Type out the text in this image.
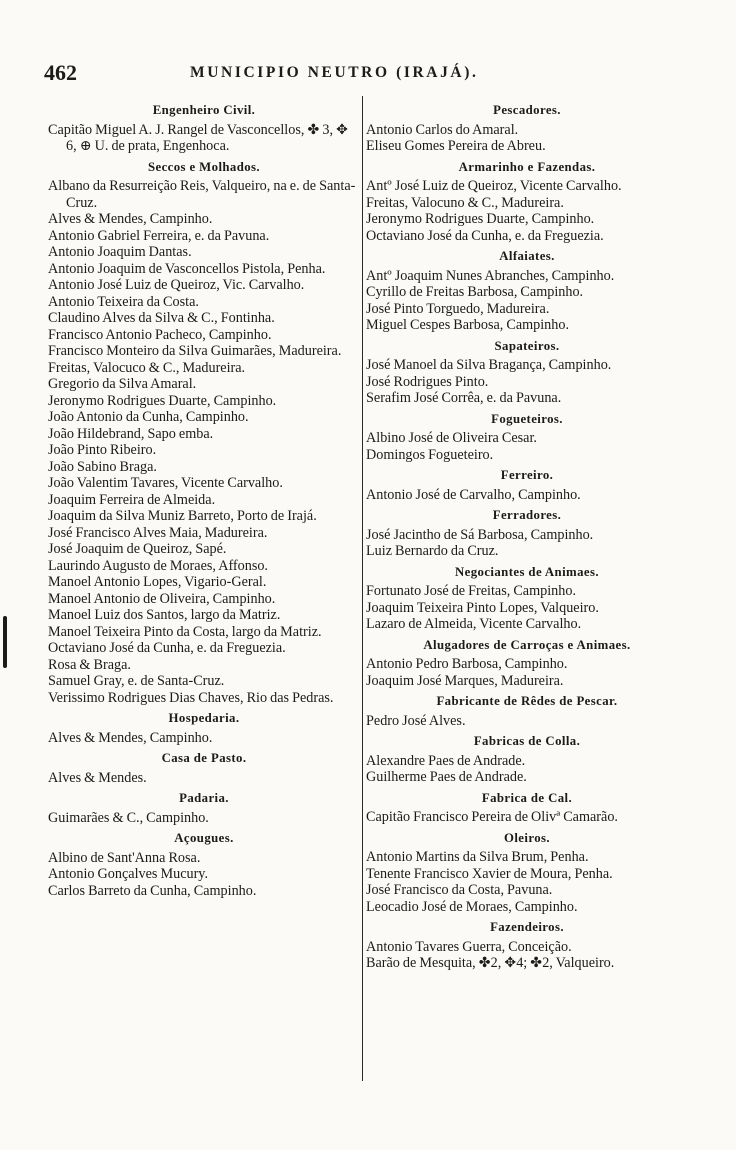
462	MUNICIPIO NEUTRO (IRAJÁ).
Engenheiro Civil.
Capitão Miguel A. J. Rangel de Vasconcellos, ✤ 3, ✥ 6, ⊕ U. de prata, Engenhoca.
Seccos e Molhados.
Albano da Resurreição Reis, Valqueiro, na e. de Santa-Cruz.
Alves & Mendes, Campinho.
Antonio Gabriel Ferreira, e. da Pavuna.
Antonio Joaquim Dantas.
Antonio Joaquim de Vasconcellos Pistola, Penha.
Antonio José Luiz de Queiroz, Vic. Carvalho.
Antonio Teixeira da Costa.
Claudino Alves da Silva & C., Fontinha.
Francisco Antonio Pacheco, Campinho.
Francisco Monteiro da Silva Guimarães, Madureira.
Freitas, Valocuco & C., Madureira.
Gregorio da Silva Amaral.
Jeronymo Rodrigues Duarte, Campinho.
João Antonio da Cunha, Campinho.
João Hildebrand, Sapo emba.
João Pinto Ribeiro.
João Sabino Braga.
João Valentim Tavares, Vicente Carvalho.
Joaquim Ferreira de Almeida.
Joaquim da Silva Muniz Barreto, Porto de Irajá.
José Francisco Alves Maia, Madureira.
José Joaquim de Queiroz, Sapé.
Laurindo Augusto de Moraes, Affonso.
Manoel Antonio Lopes, Vigario-Geral.
Manoel Antonio de Oliveira, Campinho.
Manoel Luiz dos Santos, largo da Matriz.
Manoel Teixeira Pinto da Costa, largo da Matriz.
Octaviano José da Cunha, e. da Freguezia.
Rosa & Braga.
Samuel Gray, e. de Santa-Cruz.
Verissimo Rodrigues Dias Chaves, Rio das Pedras.
Hospedaria.
Alves & Mendes, Campinho.
Casa de Pasto.
Alves & Mendes.
Padaria.
Guimarães & C., Campinho.
Açougues.
Albino de Sant'Anna Rosa.
Antonio Gonçalves Mucury.
Carlos Barreto da Cunha, Campinho.
Pescadores.
Antonio Carlos do Amaral.
Eliseu Gomes Pereira de Abreu.
Armarinho e Fazendas.
Antº José Luiz de Queiroz, Vicente Carvalho.
Freitas, Valocuno & C., Madureira.
Jeronymo Rodrigues Duarte, Campinho.
Octaviano José da Cunha, e. da Freguezia.
Alfaiates.
Antº Joaquim Nunes Abranches, Campinho.
Cyrillo de Freitas Barbosa, Campinho.
José Pinto Torguedo, Madureira.
Miguel Cespes Barbosa, Campinho.
Sapateiros.
José Manoel da Silva Bragança, Campinho.
José Rodrigues Pinto.
Serafim José Corrêa, e. da Pavuna.
Fogueteiros.
Albino José de Oliveira Cesar.
Domingos Fogueteiro.
Ferreiro.
Antonio José de Carvalho, Campinho.
Ferradores.
José Jacintho de Sá Barbosa, Campinho.
Luiz Bernardo da Cruz.
Negociantes de Animaes.
Fortunato José de Freitas, Campinho.
Joaquim Teixeira Pinto Lopes, Valqueiro.
Lazaro de Almeida, Vicente Carvalho.
Alugadores de Carroças e Animaes.
Antonio Pedro Barbosa, Campinho.
Joaquim José Marques, Madureira.
Fabricante de Rêdes de Pescar.
Pedro José Alves.
Fabricas de Colla.
Alexandre Paes de Andrade.
Guilherme Paes de Andrade.
Fabrica de Cal.
Capitão Francisco Pereira de Olivª Camarão.
Oleiros.
Antonio Martins da Silva Brum, Penha.
Tenente Francisco Xavier de Moura, Penha.
José Francisco da Costa, Pavuna.
Leocadio José de Moraes, Campinho.
Fazendeiros.
Antonio Tavares Guerra, Conceição.
Barão de Mesquita, ✤2, ✥4; ✤2, Valqueiro.
